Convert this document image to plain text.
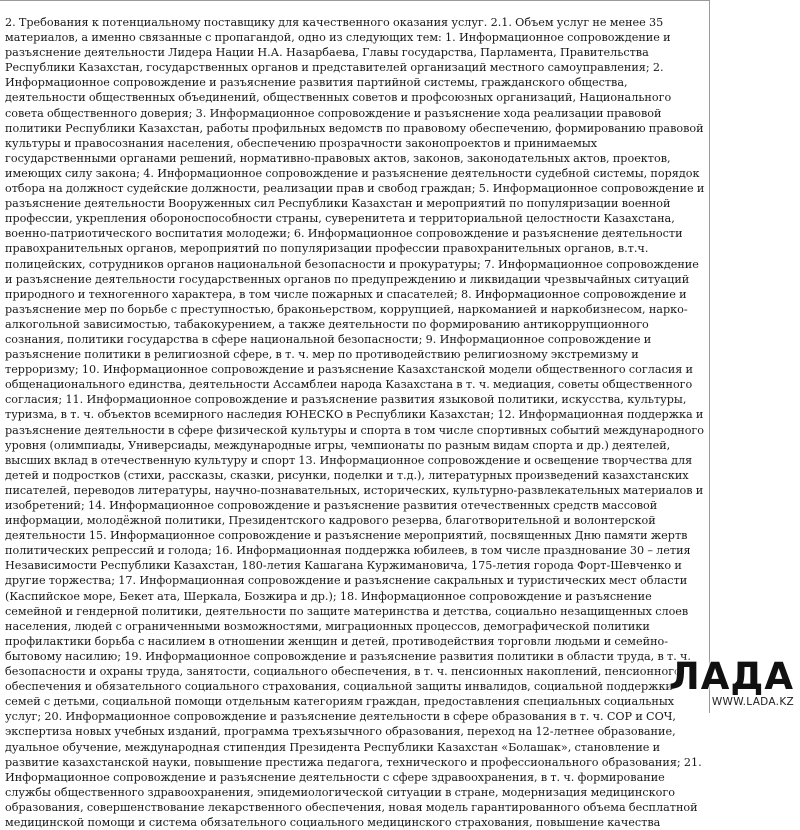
2. Требования к потенциальному поставщику для качественного оказания услуг. 2.1. Объем услуг не менее 35 материалов, а именно связанные с пропагандой, одно из следующих тем: 1. Информационное сопровождение и разъяснение деятельности Лидера Нации Н.А. Назарбаева, Главы государства, Парламента, Правительства Республики Казахстан, государственных органов и представителей организаций местного самоуправления; 2. Информационное сопровождение и разъяснение развития партийной системы, гражданского общества, деятельности общественных объединений, общественных советов и профсоюзных организаций, Национального совета общественного доверия; 3. Информационное сопровождение и разъяснение хода реализации правовой политики Республики Казахстан, работы профильных ведомств по правовому обеспечению, формированию правовой культуры и правосознания населения, обеспечению прозрачности законопроектов и принимаемых государственными органами решений, нормативно-правовых актов, законов, законодательных актов, проектов, имеющих силу закона; 4. Информационное сопровождение и разъяснение деятельности судебной системы, порядок отбора на должност судейские должности, реализации прав и свобод граждан; 5. Информационное сопровождение и разъяснение деятельности Вооруженных сил Республики Казахстан и мероприятий по популяризации военной профессии, укрепления обороноспособности страны, суверенитета и территориальной целостности Казахстана, военно-патриотического воспитатия молодежи; 6. Информационное сопровождение и разъяснение деятельности правохранительных органов, мероприятий по популяризации профессии правохранительных органов, в.т.ч. полицейских, сотрудников органов национальной безопасности и прокуратуры; 7. Информационное сопровождение и разъяснение деятельности государственных органов по предупреждению и ликвидации чрезвычайных ситуаций природного и техногенного характера, в том числе пожарных и спасателей; 8. Информационное сопровождение и разъяснение мер по борьбе с преступностью, браконьерством, коррупцией, наркоманией и наркобизнесом, нарко-алкогольной зависимостью, табакокурением, а также деятельности по формированию антикоррупционного сознания, политики государства в сфере национальной безопасности; 9. Информационное сопровождение и разъяснение политики в религиозной сфере, в т. ч. мер по противодействию религиозному экстремизму и терроризму; 10. Информационное сопровождение и разъяснение Казахстанской модели общественного согласия и общенационального единства, деятельности Ассамблеи народа Казахстана в т. ч. медиация, советы общественного согласия; 11. Информационное сопровождение и разъяснение развития языковой политики, искусства, культуры, туризма, в т. ч. объектов всемирного наследия ЮНЕСКО в Республики Казахстан; 12. Информационная поддержка и разъяснение деятельности в сфере физической культуры и спорта в том числе спортивных событий международного уровня (олимпиады, Универсиады, международные игры, чемпионаты по разным видам спорта и др.) деятелей, высших вклад в отечественную культуру и спорт 13. Информационное сопровождение и освещение творчества для детей и подростков (стихи, рассказы, сказки, рисунки, поделки и т.д.), литературных произведений казахстанских писателей, переводов литературы, научно-познавательных, исторических, культурно-развлекательных материалов и изобретений; 14. Информационное сопровождение и разъяснение развития отечественных средств массовой информации, молодёжной политики, Президентского кадрового резерва, благотворительной и волонтерской деятельности 15. Информационное сопровождение и разъяснение мероприятий, посвященных Дню памяти жертв политических репрессий и голода; 16. Информационная поддержка юбилеев, в том числе празднование 30 – летия Независимости Республики Казахстан, 180-летия Кашагана Куржимановича, 175-летия города Форт-Шевченко и другие торжества; 17. Информационная сопровождение и разъяснение сакральных и туристических мест области (Каспийское море, Бекет ата, Шеркала, Бозжира и др.); 18. Информационное сопровождение и разъяснение семейной и гендерной политики, деятельности по защите материнства и детства, социально незащищенных слоев населения, людей с ограниченными возможностями, миграционных процессов, демографической политики профилактики борьба с насилием в отношении женщин и детей, противодействия торговли людьми и семейно-бытовому насилию; 19. Информационное сопровождение и разъяснение развития политики в области труда, в т. ч. безопасности и охраны труда, занятости, социального обеспечения, в т. ч. пенсионных накоплений, пенсионного обеспечения и обязательного социального страхования, социальной защиты инвалидов, социальной поддержки семей с детьми, социальной помощи отдельным категориям граждан, предоставления специальных социальных услуг; 20. Информационное сопровождение и разъяснение деятельности в сфере образования в т. ч. СОР и СОЧ, экспертиза новых учебных изданий, программа трехъязычного образования, переход на 12-летнее образование, дуальное обучение, международная стипендия Президента Республики Казахстан «Болашак», становление и развитие казахстанской науки, повышение престижа педагога, технического и профессионального образования; 21. Информационное сопровождение и разъяснение деятельности с сфере здравоохранения, в т. ч. формирование службы общественного здравоохранения, эпидемиологической ситуации в стране, модернизация медицинского образования, совершенствование лекарственного обеспечения, новая модель гарантированного объема бесплатной медицинской помощи и система обязательного социального медицинского страхования, повышение качества

ЛАДА
WWW.LADA.KZ
